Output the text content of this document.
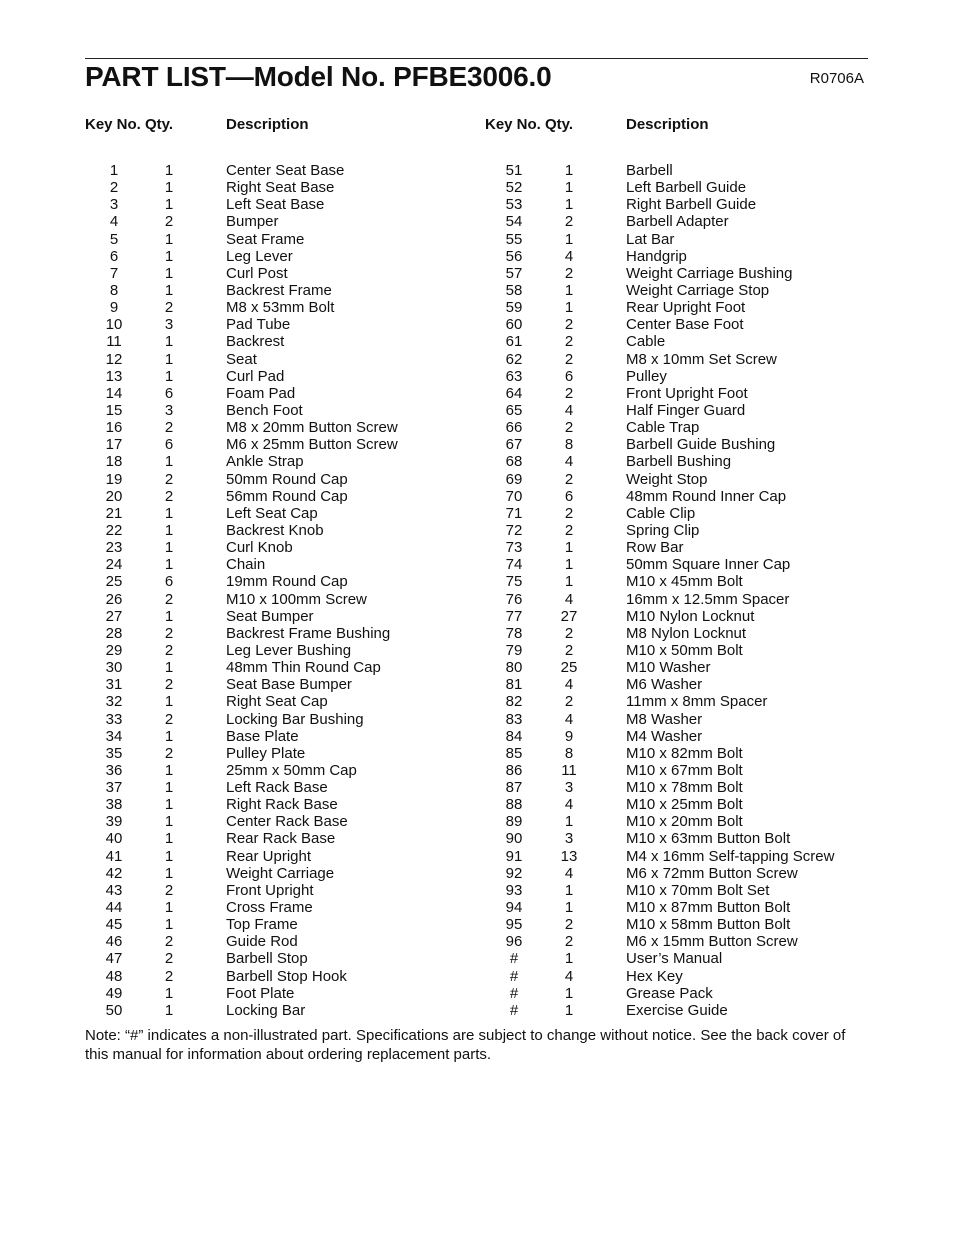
PART LIST—Model No. PFBE3006.0	R0706A
Key No. Qty.	Description
1	1	Center Seat Base
2	1	Right Seat Base
3	1	Left Seat Base
4	2	Bumper
5	1	Seat Frame
6	1	Leg Lever
7	1	Curl Post
8	1	Backrest Frame
9	2	M8 x 53mm Bolt
10	3	Pad Tube
11	1	Backrest
12	1	Seat
13	1	Curl Pad
14	6	Foam Pad
15	3	Bench Foot
16	2	M8 x 20mm Button Screw
17	6	M6 x 25mm Button Screw
18	1	Ankle Strap
19	2	50mm Round Cap
20	2	56mm Round Cap
21	1	Left Seat Cap
22	1	Backrest Knob
23	1	Curl Knob
24	1	Chain
25	6	19mm Round Cap
26	2	M10 x 100mm Screw
27	1	Seat Bumper
28	2	Backrest Frame Bushing
29	2	Leg Lever Bushing
30	1	48mm Thin Round Cap
31	2	Seat Base Bumper
32	1	Right Seat Cap
33	2	Locking Bar Bushing
34	1	Base Plate
35	2	Pulley Plate
36	1	25mm x 50mm Cap
37	1	Left Rack Base
38	1	Right Rack Base
39	1	Center Rack Base
40	1	Rear Rack Base
41	1	Rear Upright
42	1	Weight Carriage
43	2	Front Upright
44	1	Cross Frame
45	1	Top Frame
46	2	Guide Rod
47	2	Barbell Stop
48	2	Barbell Stop Hook
49	1	Foot Plate
50	1	Locking Bar
Key No. Qty.	Description
51	1	Barbell
52	1	Left Barbell Guide
53	1	Right Barbell Guide
54	2	Barbell Adapter
55	1	Lat Bar
56	4	Handgrip
57	2	Weight Carriage Bushing
58	1	Weight Carriage Stop
59	1	Rear Upright Foot
60	2	Center Base Foot
61	2	Cable
62	2	M8 x 10mm Set Screw
63	6	Pulley
64	2	Front Upright Foot
65	4	Half Finger Guard
66	2	Cable Trap
67	8	Barbell Guide Bushing
68	4	Barbell Bushing
69	2	Weight Stop
70	6	48mm Round Inner Cap
71	2	Cable Clip
72	2	Spring Clip
73	1	Row Bar
74	1	50mm Square Inner Cap
75	1	M10 x 45mm Bolt
76	4	16mm x 12.5mm Spacer
77	27	M10 Nylon Locknut
78	2	M8 Nylon Locknut
79	2	M10 x 50mm Bolt
80	25	M10 Washer
81	4	M6 Washer
82	2	11mm x 8mm Spacer
83	4	M8 Washer
84	9	M4 Washer
85	8	M10 x 82mm Bolt
86	11	M10 x 67mm Bolt
87	3	M10 x 78mm Bolt
88	4	M10 x 25mm Bolt
89	1	M10 x 20mm Bolt
90	3	M10 x 63mm Button Bolt
91	13	M4 x 16mm Self-tapping Screw
92	4	M6 x 72mm Button Screw
93	1	M10 x 70mm Bolt Set
94	1	M10 x 87mm Button Bolt
95	2	M10 x 58mm Button Bolt
96	2	M6 x 15mm Button Screw
#	1	User’s Manual
#	4	Hex Key
#	1	Grease Pack
#	1	Exercise Guide
Note: “#” indicates a non-illustrated part. Specifications are subject to change without notice. See the back cover of this manual for information about ordering replacement parts.
